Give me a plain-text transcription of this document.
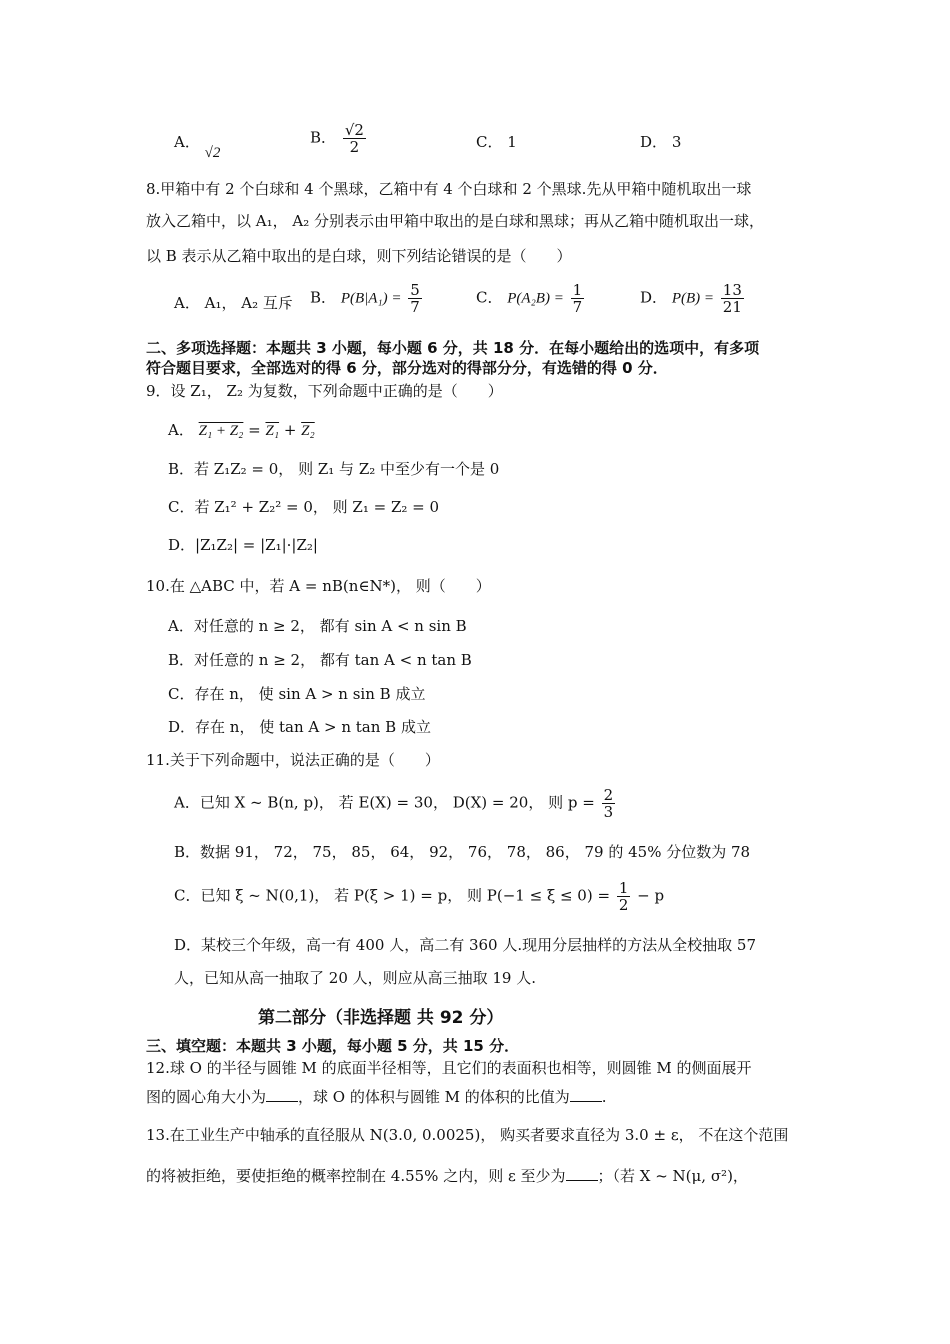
A． √2
B． $\frac{√2}{2}$	C． 1	D． 3
8.甲箱中有 2 个白球和 4 个黑球，乙箱中有 4 个白球和 2 个黑球.先从甲箱中随机取出一球
放入乙箱中，以 A₁， A₂ 分别表示由甲箱中取出的是白球和黑球；再从乙箱中随机取出一球，
以 B 表示从乙箱中取出的是白球，则下列结论错误的是（　　）
A． A₁， A₂ 互斥 B． $P(B|A_1) = \frac{5}{7}$	C． $P(A_2B) = \frac{1}{7}$	D． $P(B) = \frac{13}{21}$
二、多项选择题：本题共 3 小题，每小题 6 分，共 18 分．在每小题给出的选项中，有多项
符合题目要求，全部选对的得 6 分，部分选对的得部分分，有选错的得 0 分．
9．设 Z₁， Z₂ 为复数，下列命题中正确的是（　　）
A． Z₁ + Z₂ = Z₁ + Z₂
B．若 Z₁Z₂ = 0， 则 Z₁ 与 Z₂ 中至少有一个是 0
C．若 Z₁² + Z₂² = 0， 则 Z₁ = Z₂ = 0
D．|Z₁Z₂| = |Z₁|·|Z₂|
10.在 △ABC 中，若 A = nB(n∈N*)， 则（　　）
A．对任意的 n ≥ 2， 都有 sin A < n sin B
B．对任意的 n ≥ 2， 都有 tan A < n tan B
C．存在 n， 使 sin A > n sin B 成立
D．存在 n， 使 tan A > n tan B 成立
11.关于下列命题中，说法正确的是（　　）
A．已知 X ~ B(n, p)， 若 E(X) = 30， D(X) = 20， 则 $p = \frac{2}{3}$
B．数据 91， 72， 75， 85， 64， 92， 76， 78， 86， 79 的 45% 分位数为 78
C．已知 ξ ~ N(0,1)， 若 P(ξ > 1) = p， 则 $P(-1 \le \xi \le 0) = \frac{1}{2} - p$
D．某校三个年级，高一有 400 人，高二有 360 人.现用分层抽样的方法从全校抽取 57
人，已知从高一抽取了 20 人，则应从高三抽取 19 人.
第二部分（非选择题 共 92 分）
三、填空题：本题共 3 小题，每小题 5 分，共 15 分．
12.球 O 的半径与圆锥 M 的底面半径相等，且它们的表面积也相等，则圆锥 M 的侧面展开
图的圆心角大小为 ，球 O 的体积与圆锥 M 的体积的比值为 .
13.在工业生产中轴承的直径服从 N(3.0, 0.0025)， 购买者要求直径为 3.0 ± ε， 不在这个范围
的将被拒绝，要使拒绝的概率控制在 4.55% 之内，则 ε 至少为 ；（若 X ~ N(μ, σ²)，
